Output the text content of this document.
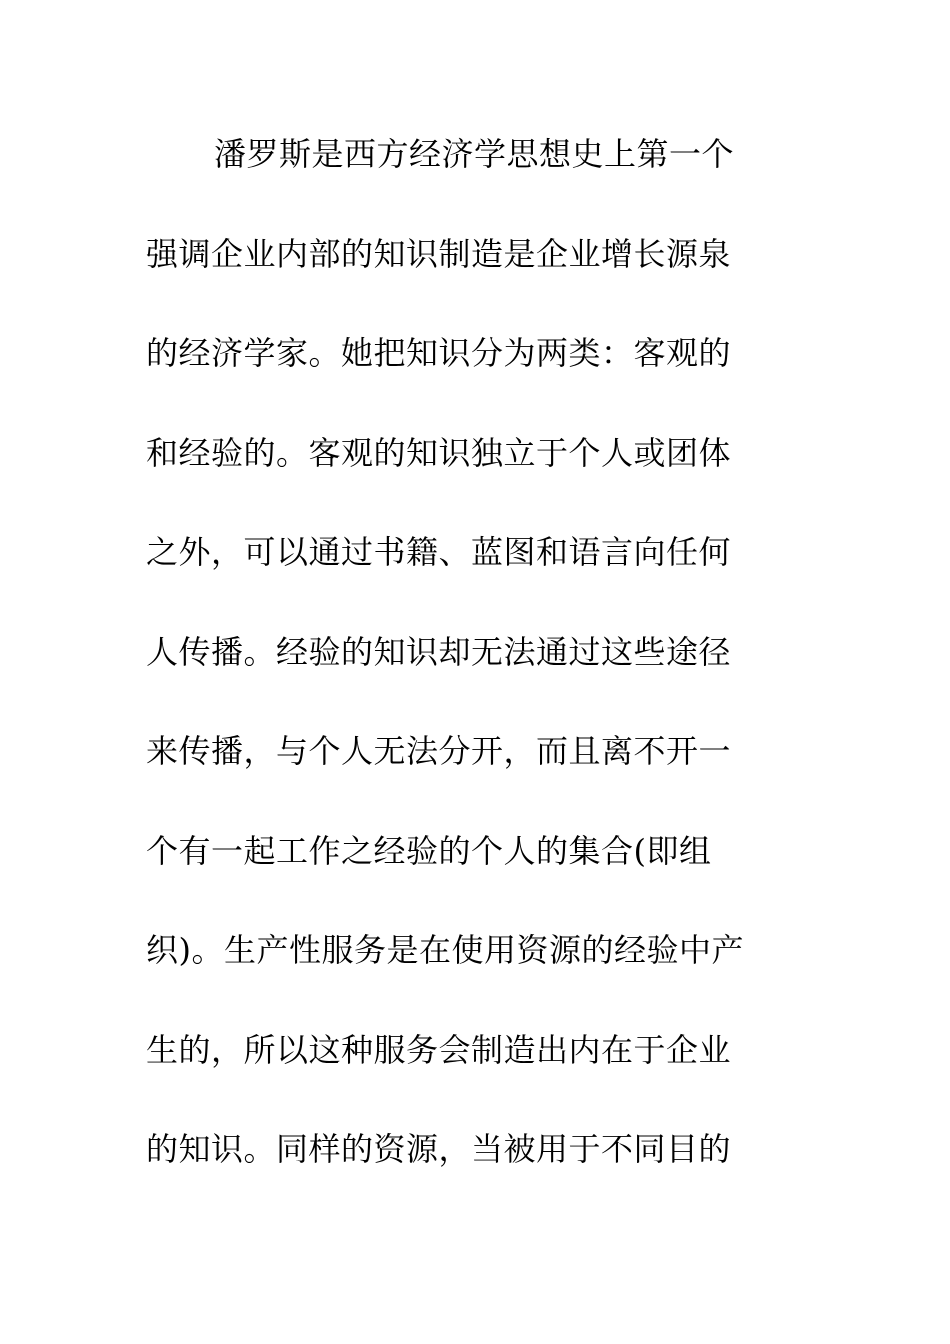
潘罗斯是西方经济学思想史上第一个
强调企业内部的知识制造是企业增长源泉
的经济学家。她把知识分为两类：客观的
和经验的。客观的知识独立于个人或团体
之外，可以通过书籍、蓝图和语言向任何
人传播。经验的知识却无法通过这些途径
来传播，与个人无法分开，而且离不开一
个有一起工作之经验的个人的集合(即组
织)。生产性服务是在使用资源的经验中产
生的，所以这种服务会制造出内在于企业
的知识。同样的资源，当被用于不同目的
